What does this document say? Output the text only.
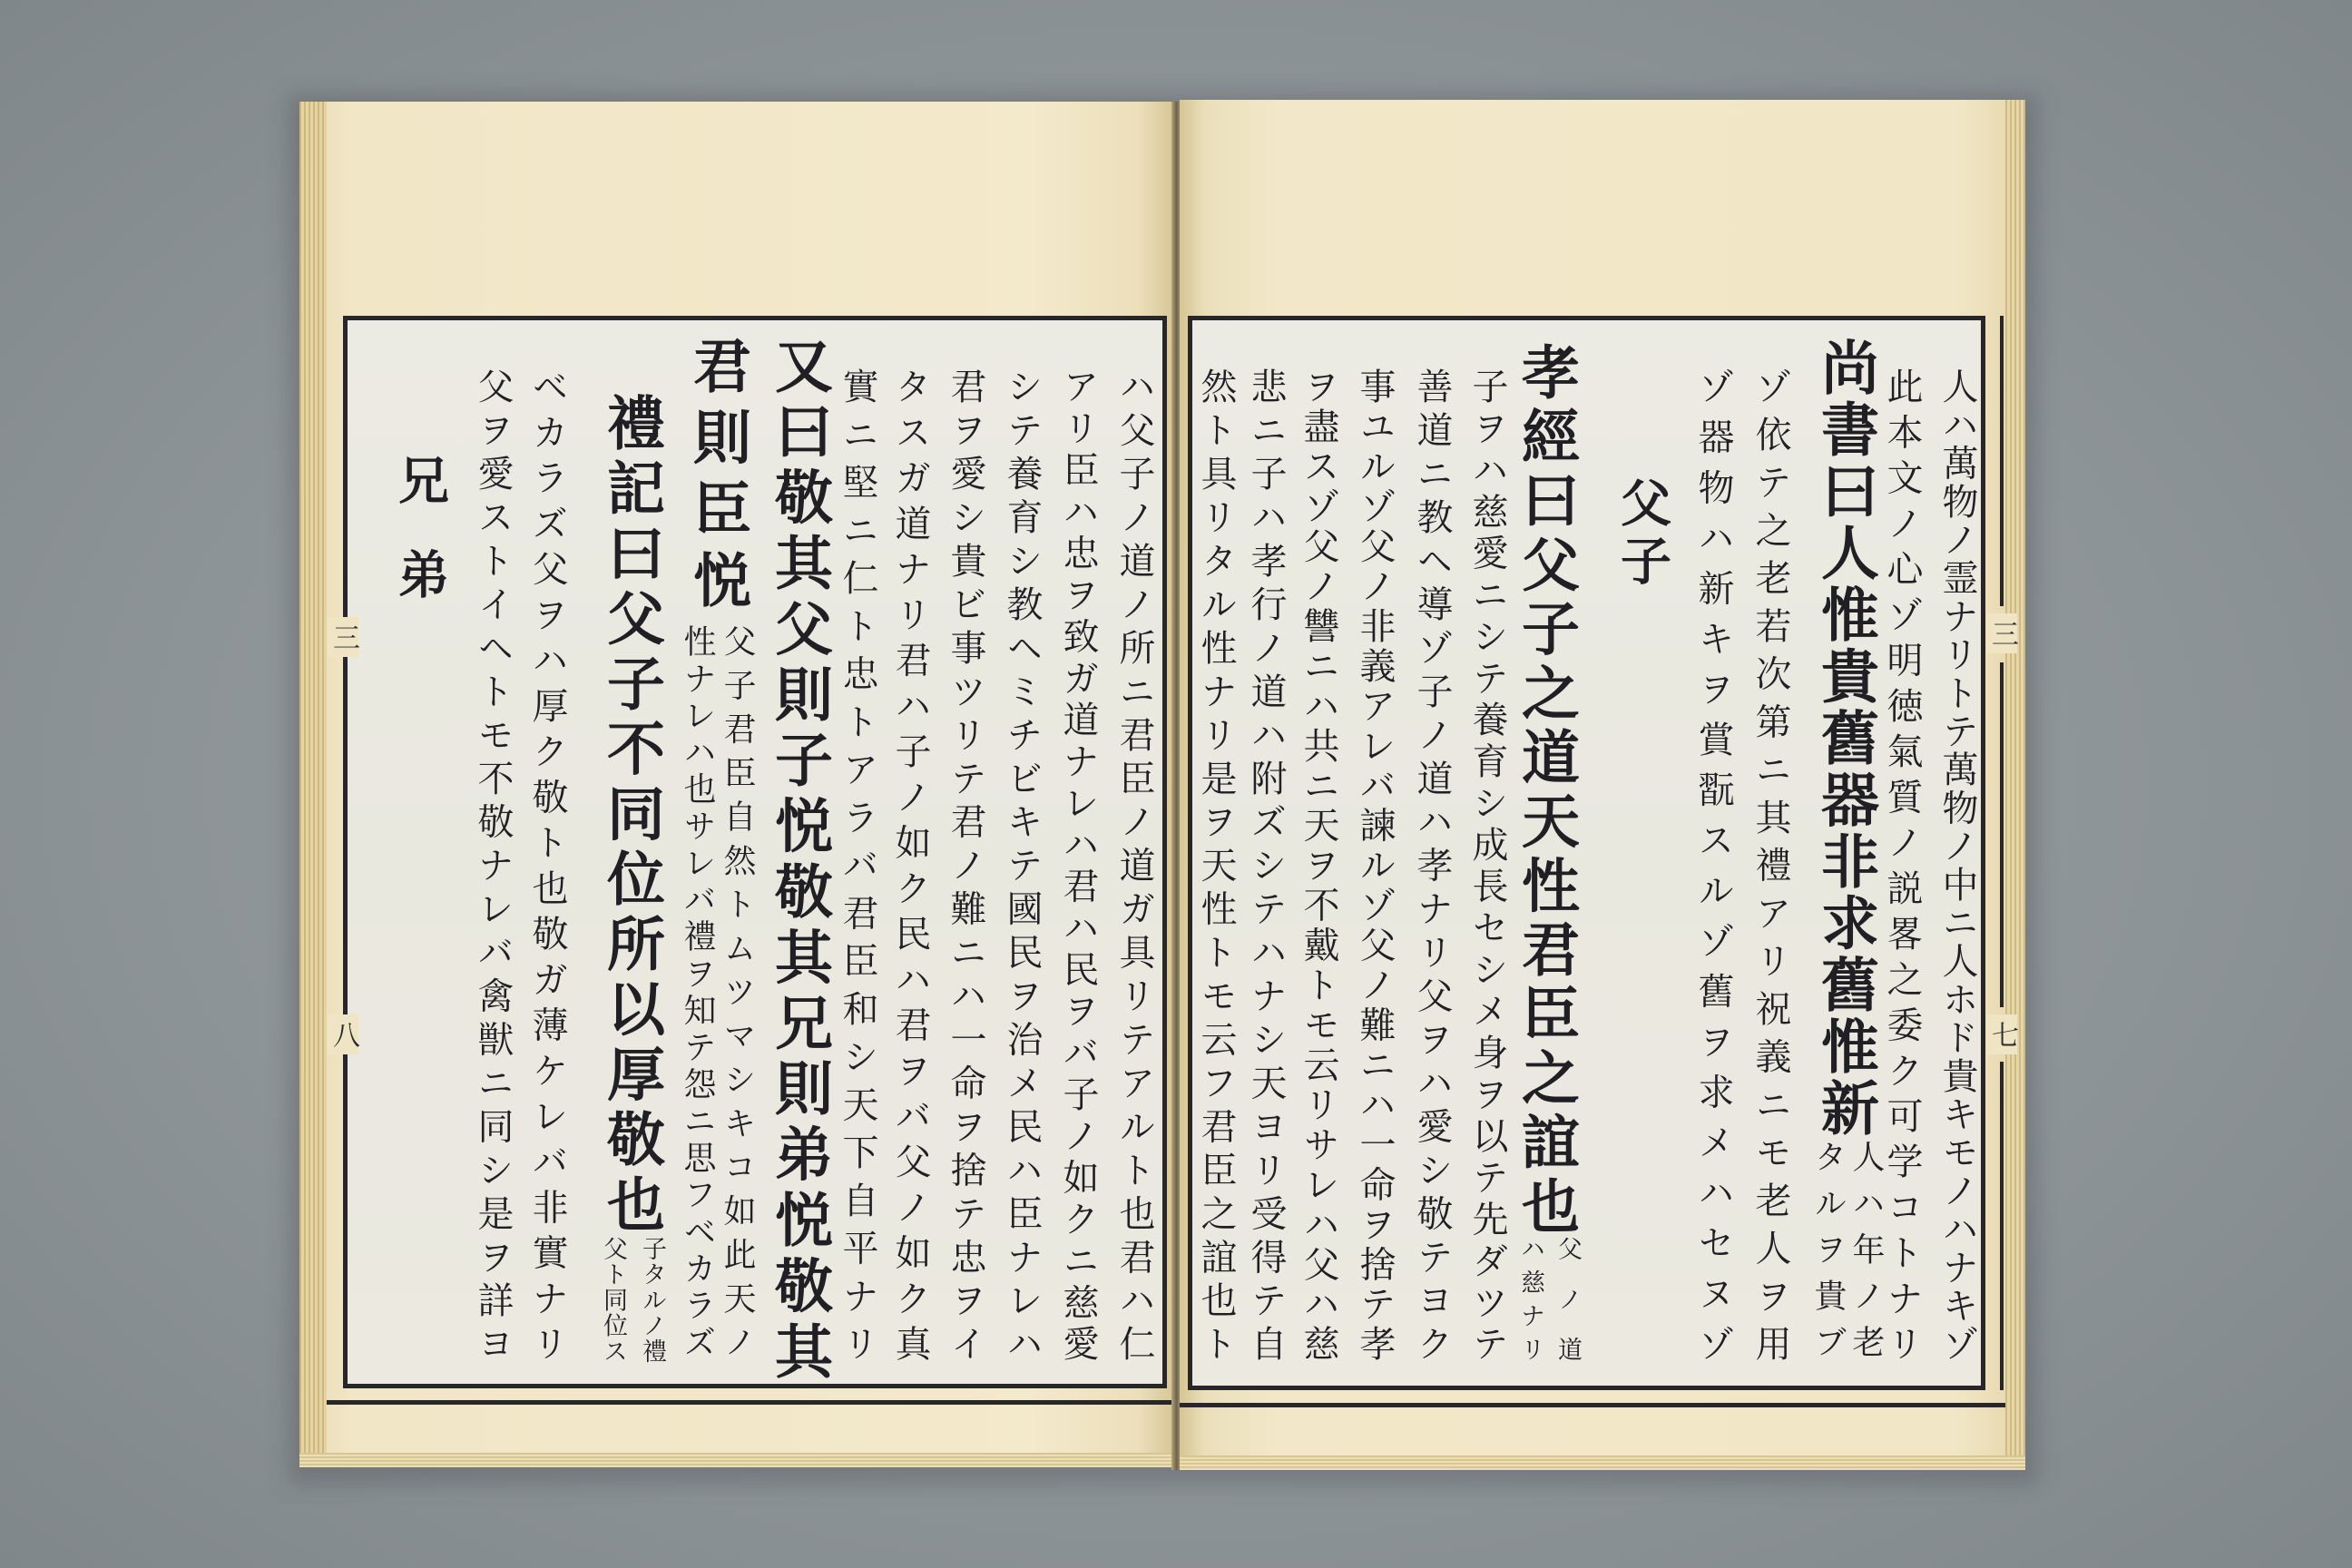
三
八	ハ父子ノ道ノ所ニ君臣ノ道ガ具リテアルト也君ハ仁

アリ臣ハ忠ヲ致ガ道ナレハ君ハ民ヲバ子ノ如クニ慈愛

シテ養育シ教ヘミチビキテ國民ヲ治メ民ハ臣ナレハ

君ヲ愛シ貴ビ事ツリテ君ノ難ニハ一命ヲ捨テ忠ヲイ

タスガ道ナリ君ハ子ノ如ク民ハ君ヲバ父ノ如ク真

實ニ堅ニ仁ト忠トアラバ君臣和シ天下自平ナリ

又曰敬其父則子悦敬其兄則弟悦敬其

君則臣悦

父子君臣自然トムツマシキコ如此天ノ

性ナレハ也サレバ禮ヲ知テ怨ニ思フベカラズ

禮記曰父子不同位所以厚敬也

子タルノ禮

父ト同位ス

ベカラズ父ヲハ厚ク敬ト也敬ガ薄ケレバ非實ナリ

父ヲ愛ストイヘトモ不敬ナレバ禽獣ニ同シ是ヲ詳ヨ

兄弟

三
七

人ハ萬物ノ霊ナリトテ萬物ノ中ニ人ホド貴キモノハナキゾ

此本文ノ心ゾ明徳氣質ノ説畧之委ク可学コトナリ

尚書曰人惟貴舊器非求舊惟新

人ハ年ノ老

タルヲ貴ブ

ゾ依テ之老若次第ニ其禮アリ祝義ニモ老人ヲ用

ゾ器物ハ新キヲ賞翫スルゾ舊ヲ求メハセヌゾ

父子

孝經曰父子之道天性君臣之誼也

父ノ道

ハ慈ナリ

子ヲハ慈愛ニシテ養育シ成長セシメ身ヲ以テ先ダツテ

善道ニ教ヘ導ゾ子ノ道ハ孝ナリ父ヲハ愛シ敬テヨク

事ユルゾ父ノ非義アレバ諫ルゾ父ノ難ニハ一命ヲ捨テ孝

ヲ盡スゾ父ノ讐ニハ共ニ天ヲ不戴トモ云リサレハ父ハ慈

悲ニ子ハ孝行ノ道ハ附ズシテハナシ天ヨリ受得テ自

然ト具リタル性ナリ是ヲ天性トモ云フ君臣之誼也ト
